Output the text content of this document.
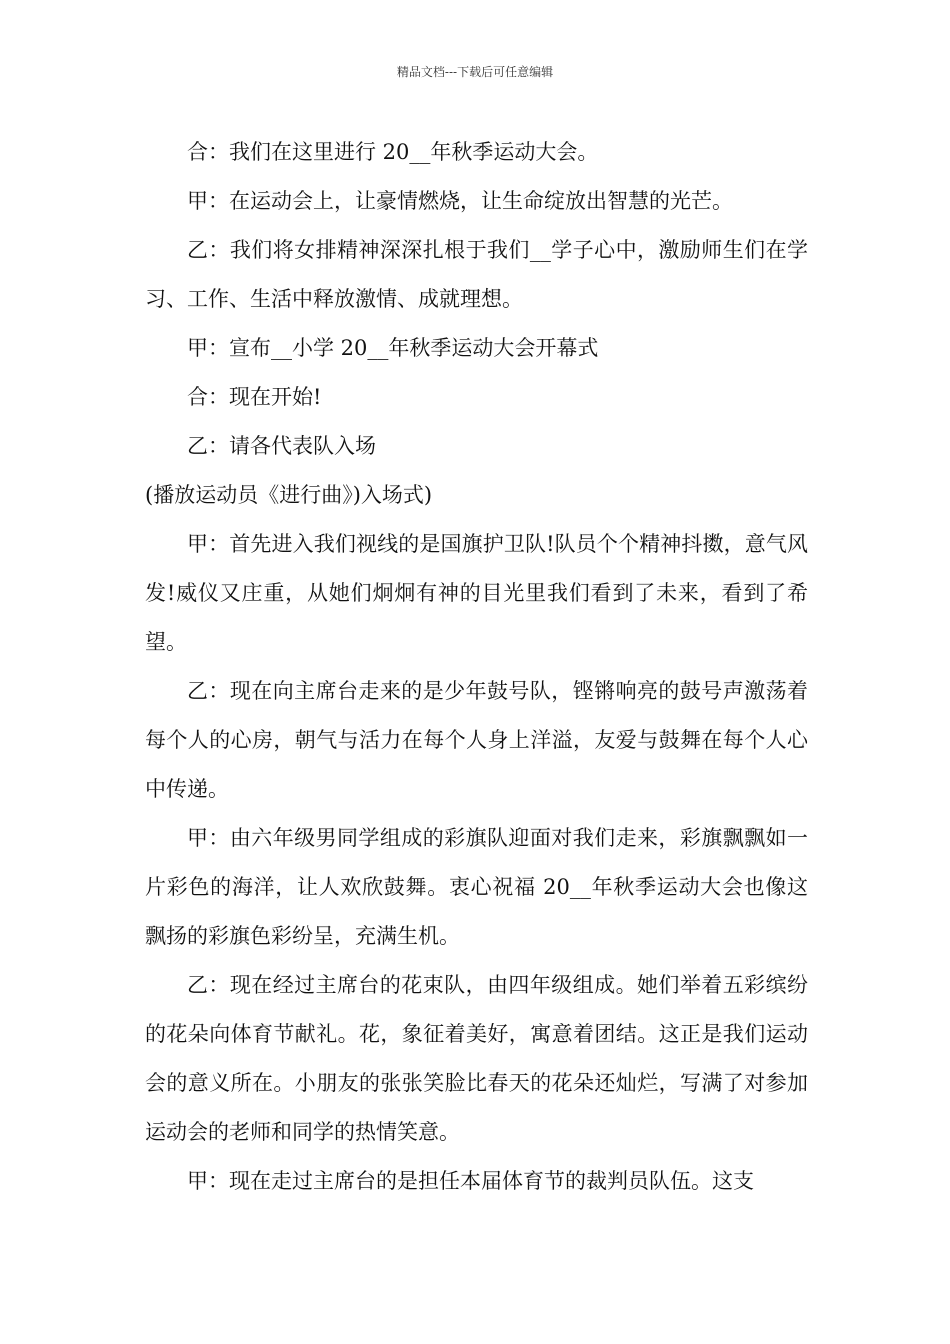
精品文档---下载后可任意编辑

合：我们在这里进行 20__年秋季运动大会。

甲：在运动会上，让豪情燃烧，让生命绽放出智慧的光芒。

乙：我们将女排精神深深扎根于我们__学子心中，激励师生们在学习、工作、生活中释放激情、成就理想。

甲：宣布__小学 20__年秋季运动大会开幕式

合：现在开始!

乙：请各代表队入场

(播放运动员《进行曲》)入场式)

甲：首先进入我们视线的是国旗护卫队!队员个个精神抖擞，意气风发!威仪又庄重，从她们炯炯有神的目光里我们看到了未来，看到了希望。

乙：现在向主席台走来的是少年鼓号队，铿锵响亮的鼓号声激荡着每个人的心房，朝气与活力在每个人身上洋溢，友爱与鼓舞在每个人心中传递。

甲：由六年级男同学组成的彩旗队迎面对我们走来，彩旗飘飘如一片彩色的海洋，让人欢欣鼓舞。衷心祝福 20__年秋季运动大会也像这飘扬的彩旗色彩纷呈，充满生机。

乙：现在经过主席台的花束队，由四年级组成。她们举着五彩缤纷的花朵向体育节献礼。花，象征着美好，寓意着团结。这正是我们运动会的意义所在。小朋友的张张笑脸比春天的花朵还灿烂，写满了对参加运动会的老师和同学的热情笑意。

甲：现在走过主席台的是担任本届体育节的裁判员队伍。这支
